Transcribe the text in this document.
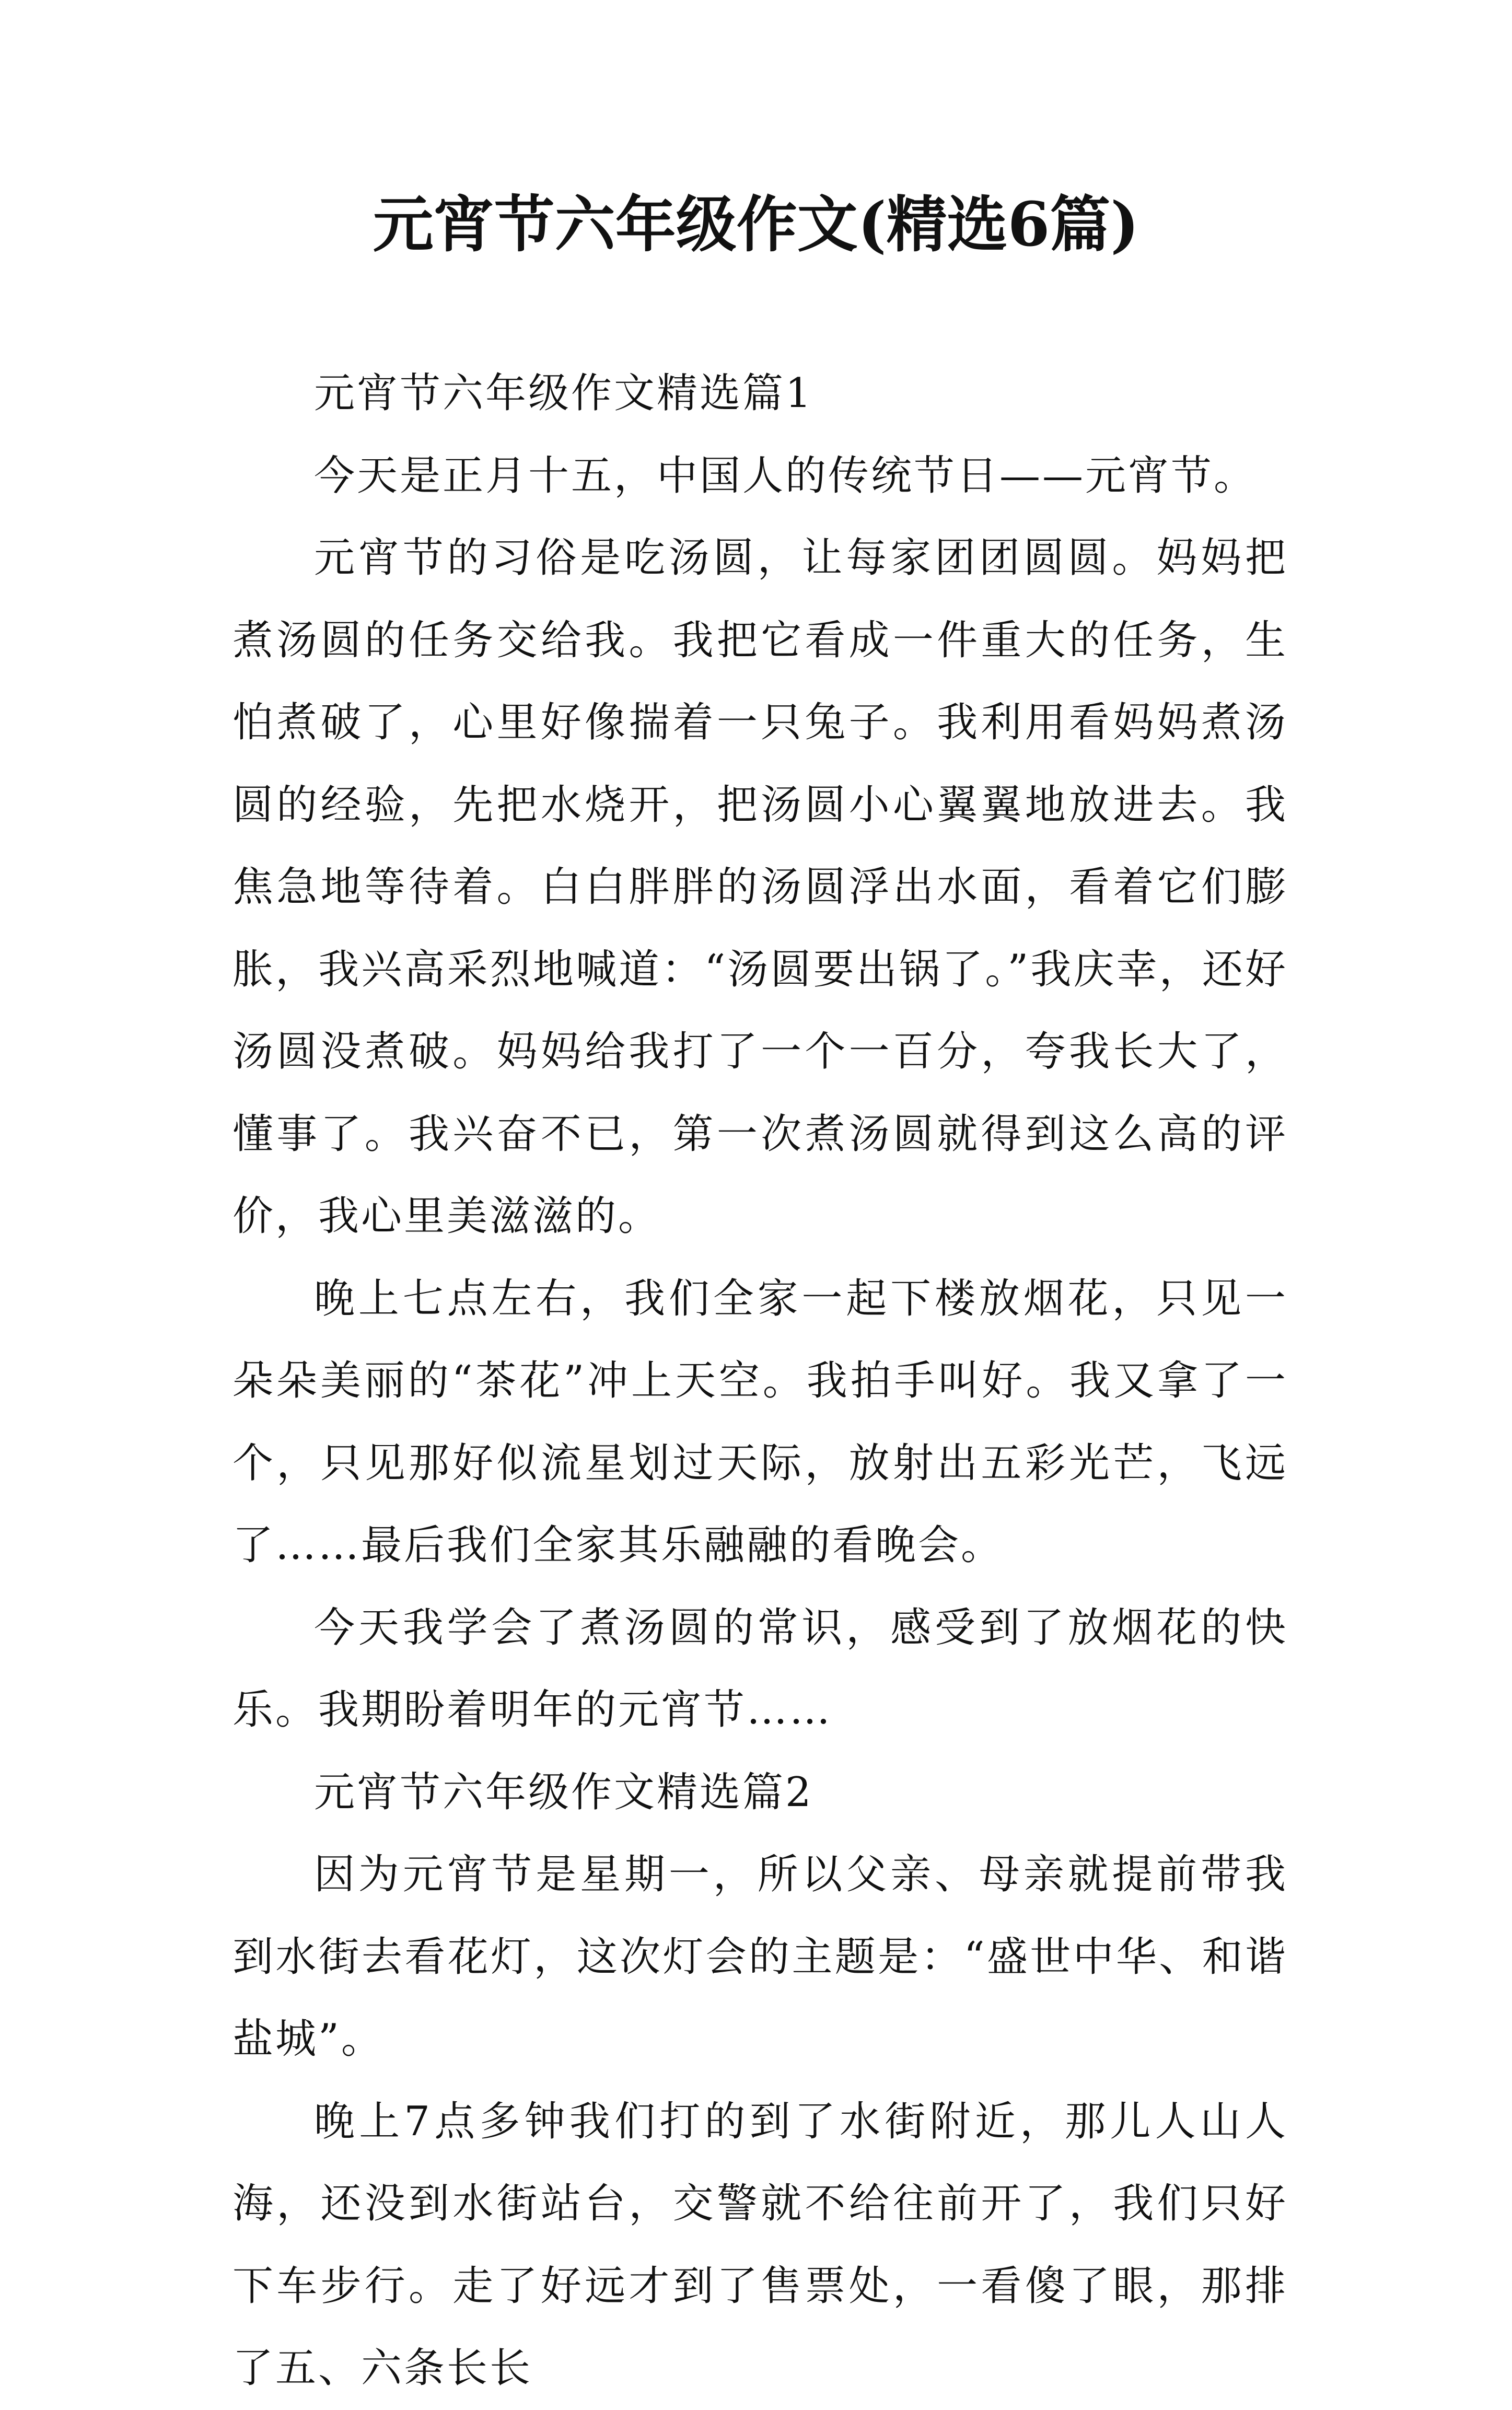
元宵节六年级作文(精选6篇)

元宵节六年级作文精选篇1

今天是正月十五，中国人的传统节日——元宵节。

元宵节的习俗是吃汤圆，让每家团团圆圆。妈妈把煮汤圆的任务交给我。我把它看成一件重大的任务，生怕煮破了，心里好像揣着一只兔子。我利用看妈妈煮汤圆的经验，先把水烧开，把汤圆小心翼翼地放进去。我焦急地等待着。白白胖胖的汤圆浮出水面，看着它们膨胀，我兴高采烈地喊道：“汤圆要出锅了。”我庆幸，还好汤圆没煮破。妈妈给我打了一个一百分，夸我长大了，懂事了。我兴奋不已，第一次煮汤圆就得到这么高的评价，我心里美滋滋的。

晚上七点左右，我们全家一起下楼放烟花，只见一朵朵美丽的“茶花”冲上天空。我拍手叫好。我又拿了一个，只见那好似流星划过天际，放射出五彩光芒，飞远了……最后我们全家其乐融融的看晚会。

今天我学会了煮汤圆的常识，感受到了放烟花的快乐。我期盼着明年的元宵节……

元宵节六年级作文精选篇2

因为元宵节是星期一，所以父亲、母亲就提前带我到水街去看花灯，这次灯会的主题是：“盛世中华、和谐盐城”。

晚上7点多钟我们打的到了水街附近，那儿人山人海，还没到水街站台，交警就不给往前开了，我们只好下车步行。走了好远才到了售票处，一看傻了眼，那排了五、六条长长
